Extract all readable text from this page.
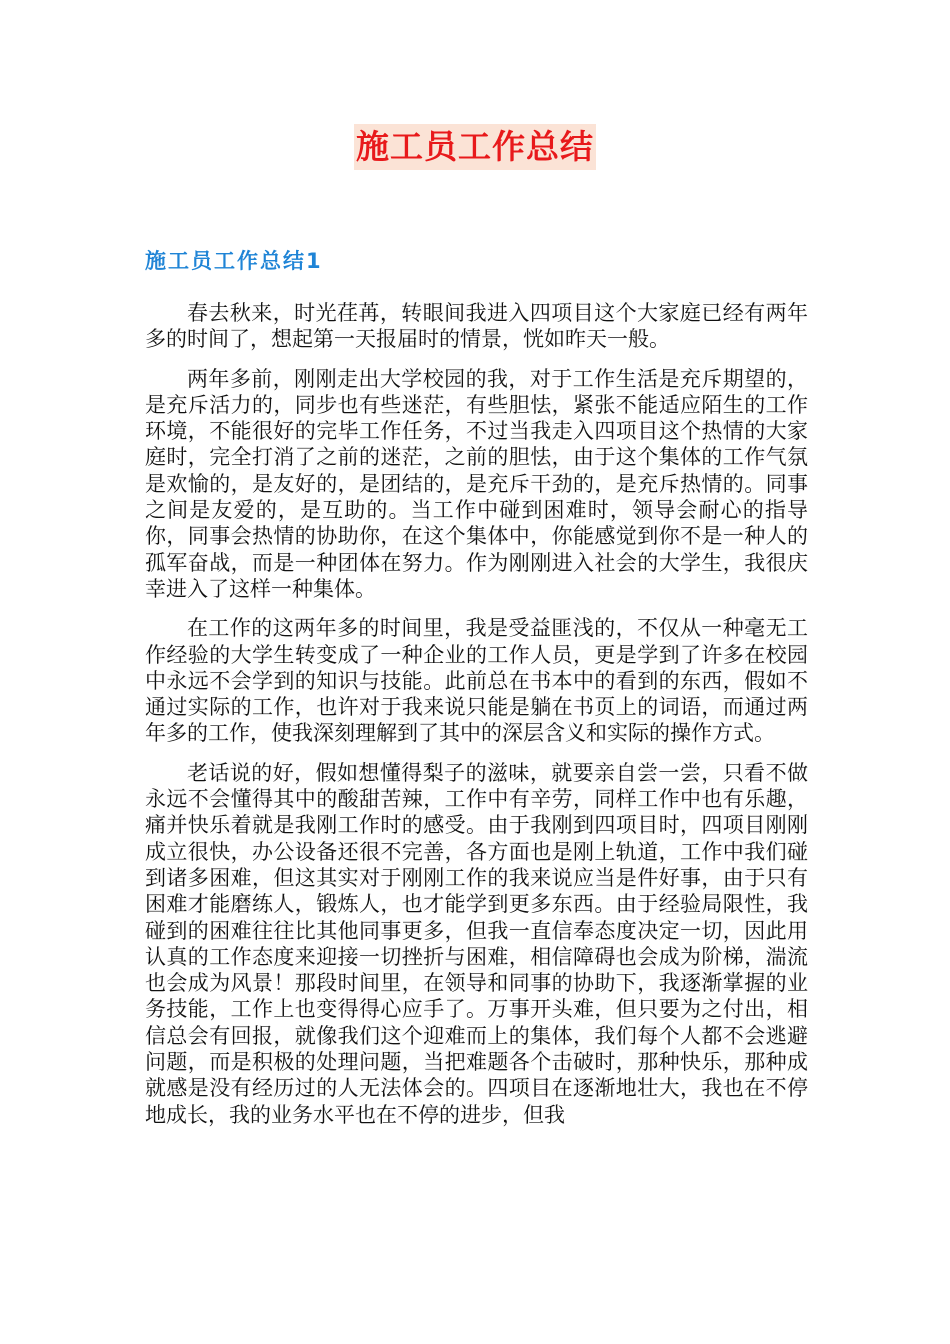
施工员工作总结
施工员工作总结1

春去秋来，时光荏苒，转眼间我进入四项目这个大家庭已经有两年多的时间了，想起第一天报届时的情景，恍如昨天一般。

两年多前，刚刚走出大学校园的我，对于工作生活是充斥期望的，是充斥活力的，同步也有些迷茫，有些胆怯，紧张不能适应陌生的工作环境，不能很好的完毕工作任务，不过当我走入四项目这个热情的大家庭时，完全打消了之前的迷茫，之前的胆怯，由于这个集体的工作气氛是欢愉的，是友好的，是团结的，是充斥干劲的，是充斥热情的。同事之间是友爱的，是互助的。当工作中碰到困难时，领导会耐心的指导你，同事会热情的协助你，在这个集体中，你能感觉到你不是一种人的孤军奋战，而是一种团体在努力。作为刚刚进入社会的大学生，我很庆幸进入了这样一种集体。

在工作的这两年多的时间里，我是受益匪浅的，不仅从一种毫无工作经验的大学生转变成了一种企业的工作人员，更是学到了许多在校园中永远不会学到的知识与技能。此前总在书本中的看到的东西，假如不通过实际的工作，也许对于我来说只能是躺在书页上的词语，而通过两年多的工作，使我深刻理解到了其中的深层含义和实际的操作方式。

老话说的好，假如想懂得梨子的滋味，就要亲自尝一尝，只看不做永远不会懂得其中的酸甜苦辣，工作中有辛劳，同样工作中也有乐趣，痛并快乐着就是我刚工作时的感受。由于我刚到四项目时，四项目刚刚成立很快，办公设备还很不完善，各方面也是刚上轨道，工作中我们碰到诸多困难，但这其实对于刚刚工作的我来说应当是件好事，由于只有困难才能磨练人，锻炼人，也才能学到更多东西。由于经验局限性，我碰到的困难往往比其他同事更多，但我一直信奉态度决定一切，因此用认真的工作态度来迎接一切挫折与困难，相信障碍也会成为阶梯，湍流也会成为风景！那段时间里，在领导和同事的协助下，我逐渐掌握的业务技能，工作上也变得得心应手了。万事开头难，但只要为之付出，相信总会有回报，就像我们这个迎难而上的集体，我们每个人都不会逃避问题，而是积极的处理问题，当把难题各个击破时，那种快乐，那种成就感是没有经历过的人无法体会的。四项目在逐渐地壮大，我也在不停地成长，我的业务水平也在不停的进步，但我
